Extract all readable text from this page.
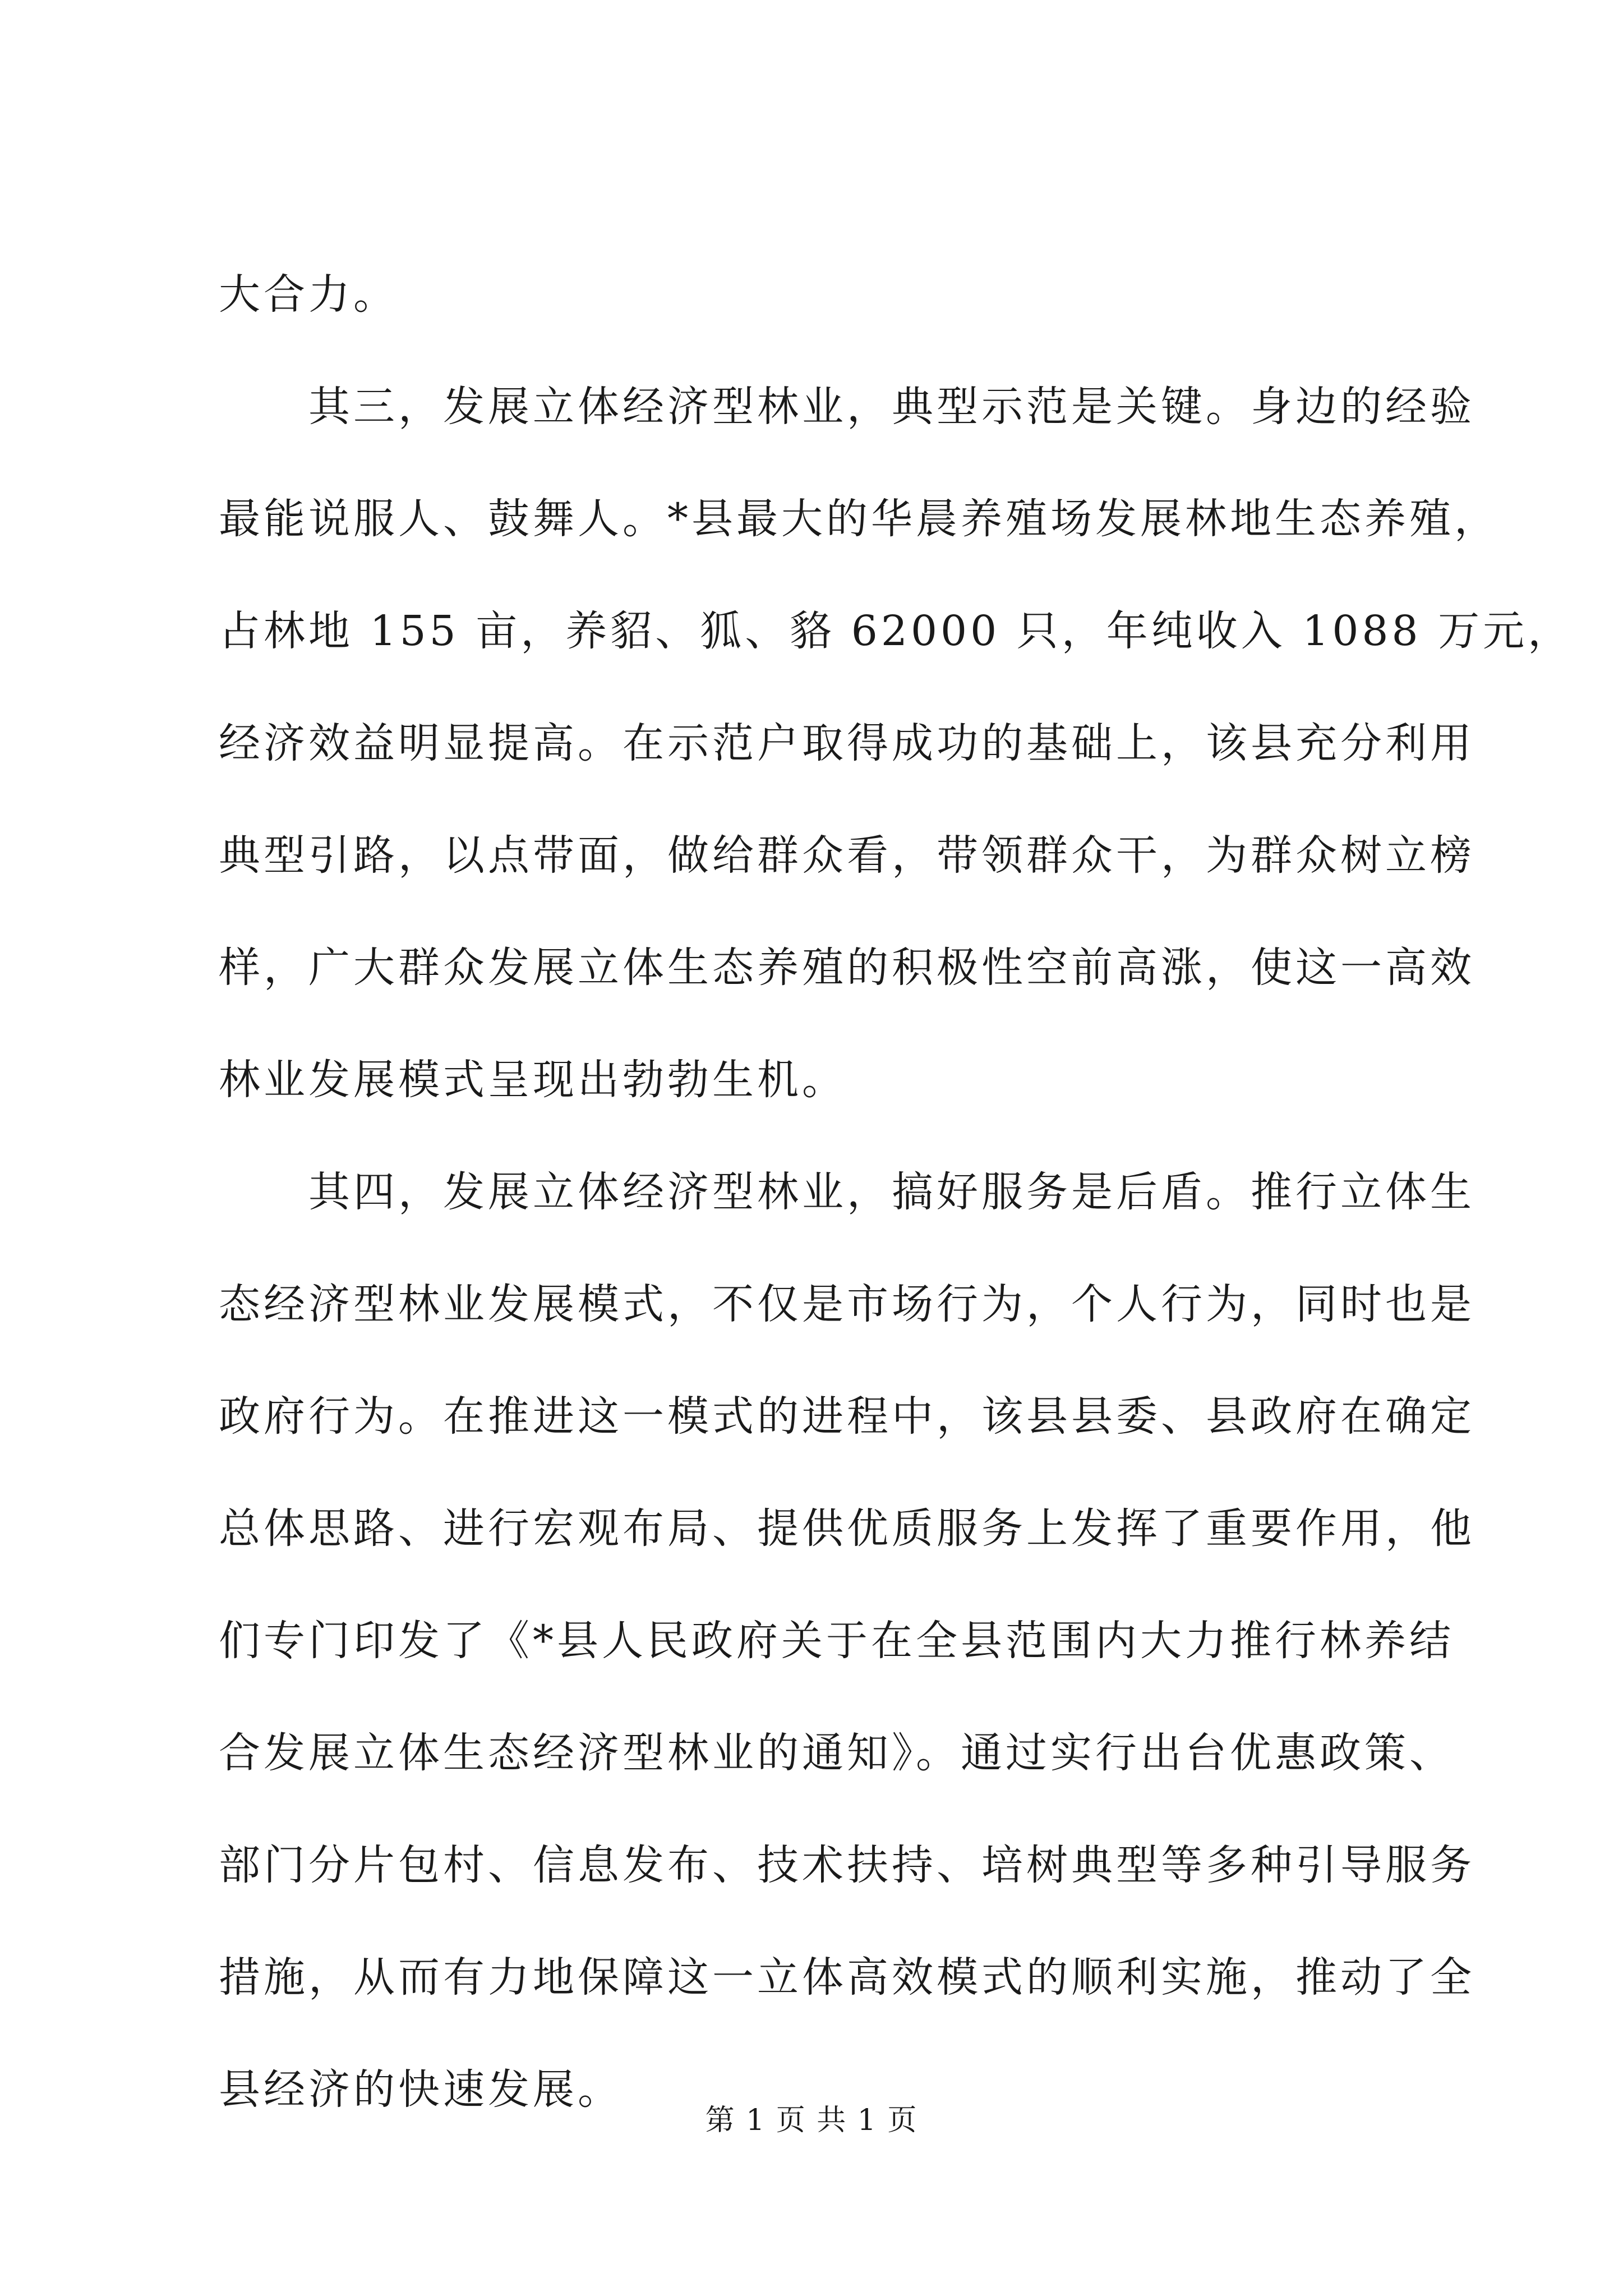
大合力。
　　其三，发展立体经济型林业，典型示范是关键。身边的经验
最能说服人、鼓舞人。*县最大的华晨养殖场发展林地生态养殖，
占林地 155 亩，养貂、狐、貉 62000 只，年纯收入 1088 万元，
经济效益明显提高。在示范户取得成功的基础上，该县充分利用
典型引路，以点带面，做给群众看，带领群众干，为群众树立榜
样，广大群众发展立体生态养殖的积极性空前高涨，使这一高效
林业发展模式呈现出勃勃生机。
　　其四，发展立体经济型林业，搞好服务是后盾。推行立体生
态经济型林业发展模式，不仅是市场行为，个人行为，同时也是
政府行为。在推进这一模式的进程中，该县县委、县政府在确定
总体思路、进行宏观布局、提供优质服务上发挥了重要作用，他
们专门印发了《*县人民政府关于在全县范围内大力推行林养结
合发展立体生态经济型林业的通知》。通过实行出台优惠政策、
部门分片包村、信息发布、技术扶持、培树典型等多种引导服务
措施，从而有力地保障这一立体高效模式的顺利实施，推动了全
县经济的快速发展。
第 1 页 共 1 页
